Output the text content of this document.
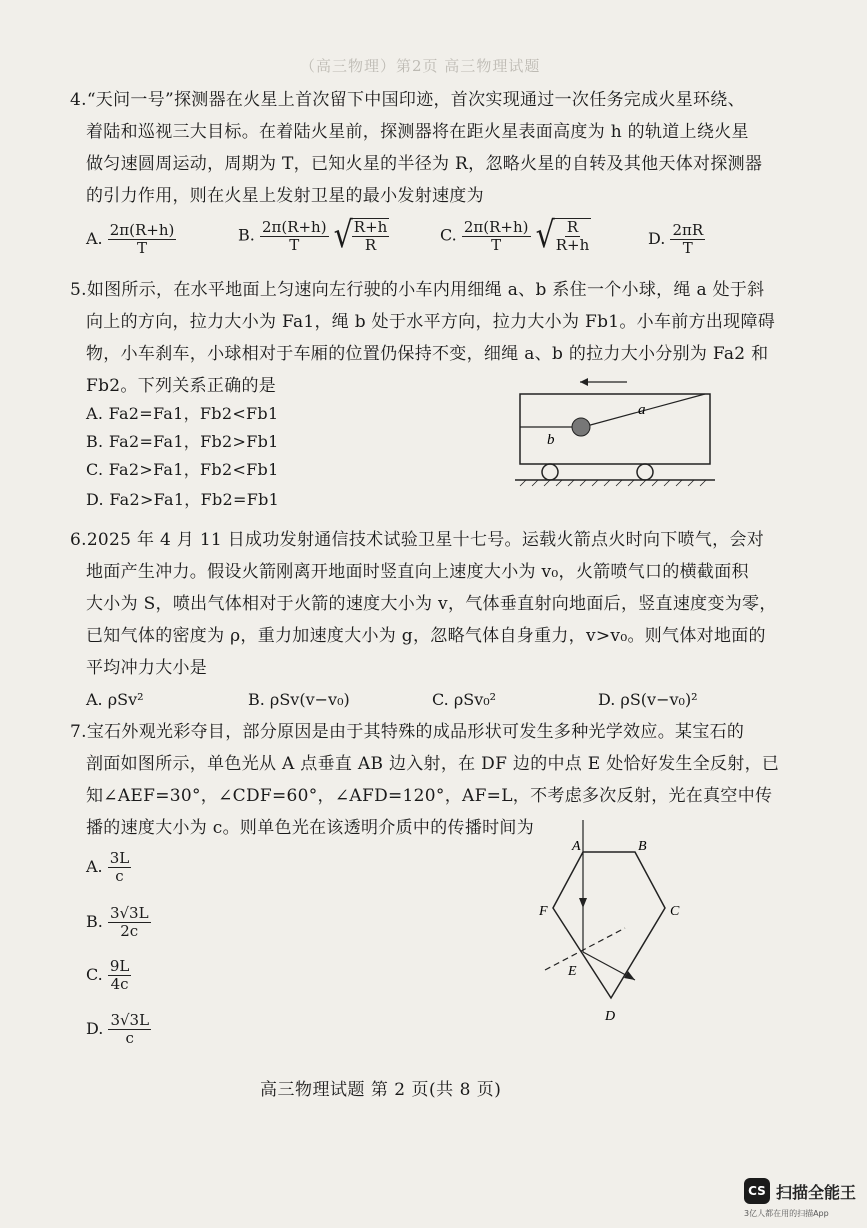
（高三物理）第2页 高三物理试题
4.“天问一号”探测器在火星上首次留下中国印迹，首次实现通过一次任务完成火星环绕、
着陆和巡视三大目标。在着陆火星前，探测器将在距火星表面高度为 h 的轨道上绕火星
做匀速圆周运动，周期为 T，已知火星的半径为 R，忽略火星的自转及其他天体对探测器
的引力作用，则在火星上发射卫星的最小发射速度为
A. $\frac{2\pi(R+h)}{T}$	B. $\frac{2\pi(R+h)}{T}$
√ $\frac{R+h}{R}$	C. $\frac{2\pi(R+h)}{T}$
√ $\frac{R}{R+h}$	D. $\frac{2\pi R}{T}$
5.如图所示，在水平地面上匀速向左行驶的小车内用细绳 a、b 系住一个小球，绳 a 处于斜
向上的方向，拉力大小为 Fa1，绳 b 处于水平方向，拉力大小为 Fb1。小车前方出现障碍
物，小车刹车，小球相对于车厢的位置仍保持不变，细绳 a、b 的拉力大小分别为 Fa2 和
Fb2。下列关系正确的是
A. Fa2=Fa1，Fb2<Fb1
B. Fa2=Fa1，Fb2>Fb1
C. Fa2>Fa1，Fb2<Fb1
D. Fa2>Fa1，Fb2=Fb1
a
b
6.2025 年 4 月 11 日成功发射通信技术试验卫星十七号。运载火箭点火时向下喷气，会对
地面产生冲力。假设火箭刚离开地面时竖直向上速度大小为 v₀，火箭喷气口的横截面积
大小为 S，喷出气体相对于火箭的速度大小为 v，气体垂直射向地面后，竖直速度变为零，
已知气体的密度为 ρ，重力加速度大小为 g，忽略气体自身重力，v>v₀。则气体对地面的
平均冲力大小是
A. ρSv²	B. ρSv(v−v₀)	C. ρSv₀²	D. ρS(v−v₀)²
7.宝石外观光彩夺目，部分原因是由于其特殊的成品形状可发生多种光学效应。某宝石的
剖面如图所示，单色光从 A 点垂直 AB 边入射，在 DF 边的中点 E 处恰好发生全反射，已
知∠AEF=30°，∠CDF=60°，∠AFD=120°，AF=L，不考虑多次反射，光在真空中传
播的速度大小为 c。则单色光在该透明介质中的传播时间为
A. $\frac{3L}{c}$
B. $\frac{3√3L}{2c}$
C. $\frac{9L}{4c}$
D. $\frac{3√3L}{c}$
A	B
C
D
E
F
高三物理试题 第 2 页(共 8 页)
CS 扫描全能王
3亿人都在用的扫描App
